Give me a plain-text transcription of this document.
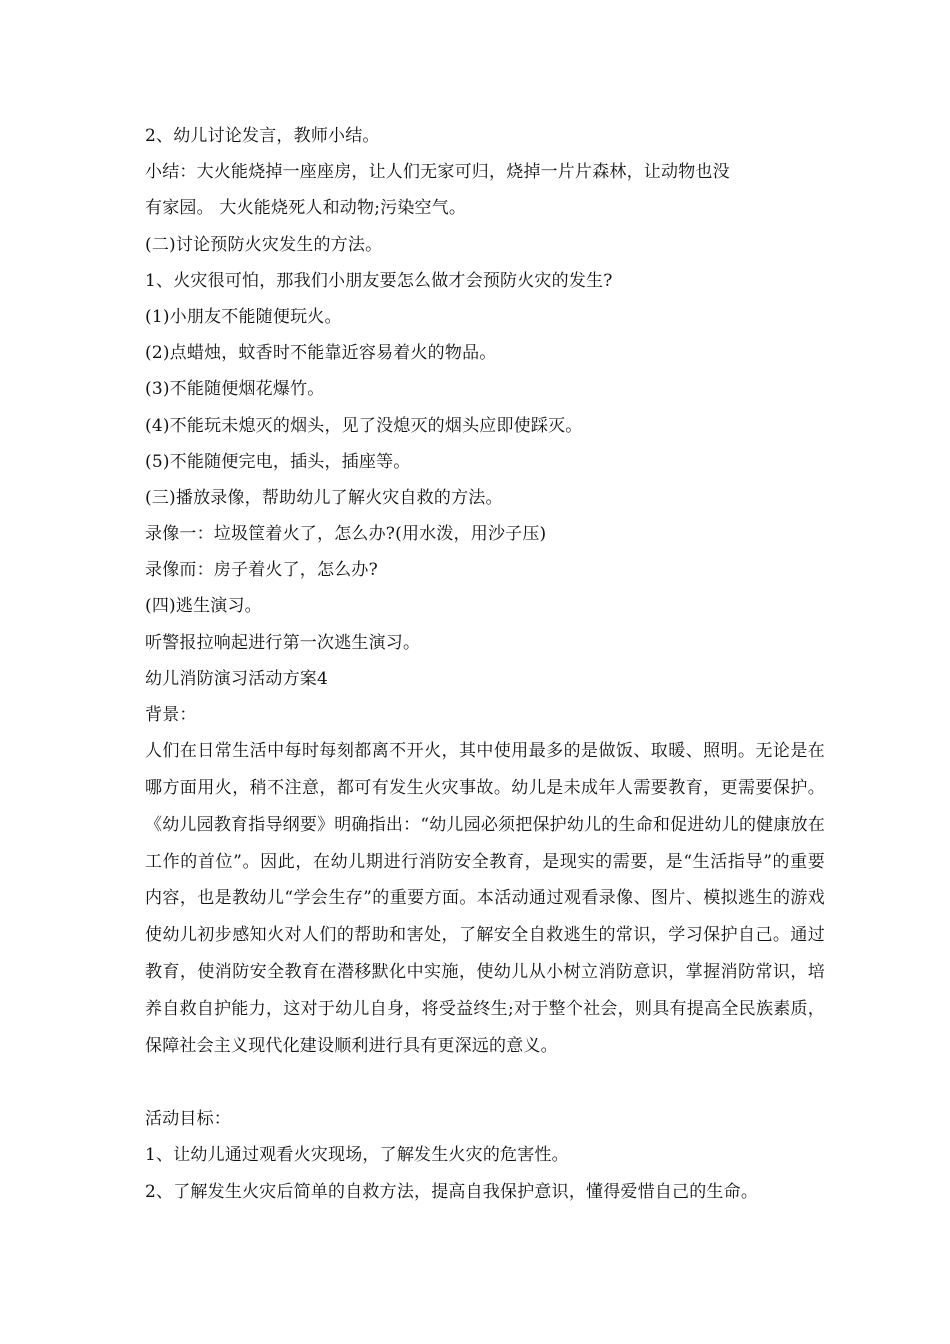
2、幼儿讨论发言，教师小结。

小结：大火能烧掉一座座房，让人们无家可归，烧掉一片片森林，让动物也没

有家园。 大火能烧死人和动物;污染空气。

(二)讨论预防火灾发生的方法。

1、火灾很可怕，那我们小朋友要怎么做才会预防火灾的发生?

(1)小朋友不能随便玩火。

(2)点蜡烛，蚊香时不能靠近容易着火的物品。

(3)不能随便烟花爆竹。

(4)不能玩未熄灭的烟头，见了没熄灭的烟头应即使踩灭。

(5)不能随便完电，插头，插座等。

(三)播放录像，帮助幼儿了解火灾自救的方法。

录像一：垃圾筐着火了，怎么办?(用水泼，用沙子压)

录像而：房子着火了，怎么办?

(四)逃生演习。

听警报拉响起进行第一次逃生演习。

幼儿消防演习活动方案4

背景：

人们在日常生活中每时每刻都离不开火，其中使用最多的是做饭、取暖、照明。无论是在哪方面用火，稍不注意，都可有发生火灾事故。幼儿是未成年人需要教育，更需要保护。《幼儿园教育指导纲要》明确指出：“幼儿园必须把保护幼儿的生命和促进幼儿的健康放在工作的首位”。因此，在幼儿期进行消防安全教育，是现实的需要，是“生活指导”的重要内容，也是教幼儿“学会生存”的重要方面。本活动通过观看录像、图片、模拟逃生的游戏使幼儿初步感知火对人们的帮助和害处，了解安全自救逃生的常识，学习保护自己。通过教育，使消防安全教育在潜移默化中实施，使幼儿从小树立消防意识，掌握消防常识，培养自救自护能力，这对于幼儿自身，将受益终生;对于整个社会，则具有提高全民族素质，保障社会主义现代化建设顺利进行具有更深远的意义。

活动目标：

1、让幼儿通过观看火灾现场，了解发生火灾的危害性。

2、了解发生火灾后简单的自救方法，提高自我保护意识，懂得爱惜自己的生命。
